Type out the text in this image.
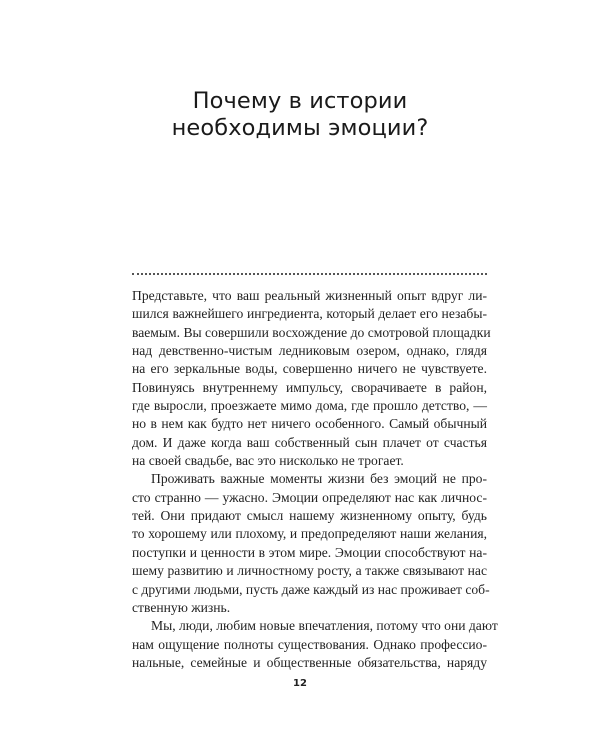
Почему в истории
необходимы эмоции?

Представьте, что ваш реальный жизненный опыт вдруг ли-
шился важнейшего ингредиента, который делает его незабы-
ваемым. Вы совершили восхождение до смотровой площадки
над девственно-чистым ледниковым озером, однако, глядя
на его зеркальные воды, совершенно ничего не чувствуете.
Повинуясь внутреннему импульсу, сворачиваете в район,
где выросли, проезжаете мимо дома, где прошло детство, —
но в нем как будто нет ничего особенного. Самый обычный
дом. И даже когда ваш собственный сын плачет от счастья
на своей свадьбе, вас это нисколько не трогает.

Проживать важные моменты жизни без эмоций не про-
сто странно — ужасно. Эмоции определяют нас как личнос-
тей. Они придают смысл нашему жизненному опыту, будь
то хорошему или плохому, и предопределяют наши желания,
поступки и ценности в этом мире. Эмоции способствуют на-
шему развитию и личностному росту, а также связывают нас
с другими людьми, пусть даже каждый из нас проживает соб-
ственную жизнь.

Мы, люди, любим новые впечатления, потому что они дают
нам ощущение полноты существования. Однако профессио-
нальные, семейные и общественные обязательства, наряду

12
